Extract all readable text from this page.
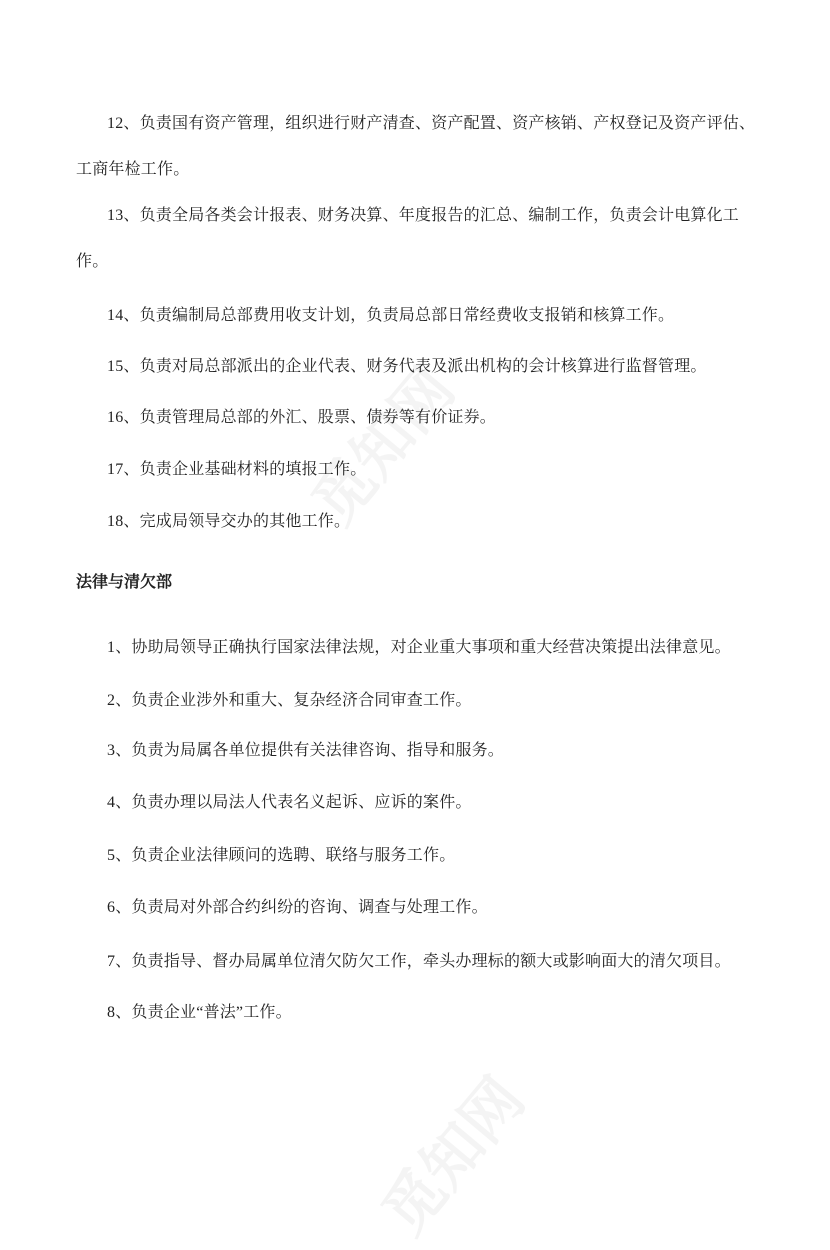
12、负责国有资产管理，组织进行财产清查、资产配置、资产核销、产权登记及资产评估、工商年检工作。

13、负责全局各类会计报表、财务决算、年度报告的汇总、编制工作，负责会计电算化工作。

14、负责编制局总部费用收支计划，负责局总部日常经费收支报销和核算工作。

15、负责对局总部派出的企业代表、财务代表及派出机构的会计核算进行监督管理。

16、负责管理局总部的外汇、股票、债券等有价证券。

17、负责企业基础材料的填报工作。

18、完成局领导交办的其他工作。

法律与清欠部

1、协助局领导正确执行国家法律法规，对企业重大事项和重大经营决策提出法律意见。

2、负责企业涉外和重大、复杂经济合同审查工作。

3、负责为局属各单位提供有关法律咨询、指导和服务。

4、负责办理以局法人代表名义起诉、应诉的案件。

5、负责企业法律顾问的选聘、联络与服务工作。

6、负责局对外部合约纠纷的咨询、调查与处理工作。

7、负责指导、督办局属单位清欠防欠工作，牵头办理标的额大或影响面大的清欠项目。

8、负责企业“普法”工作。
